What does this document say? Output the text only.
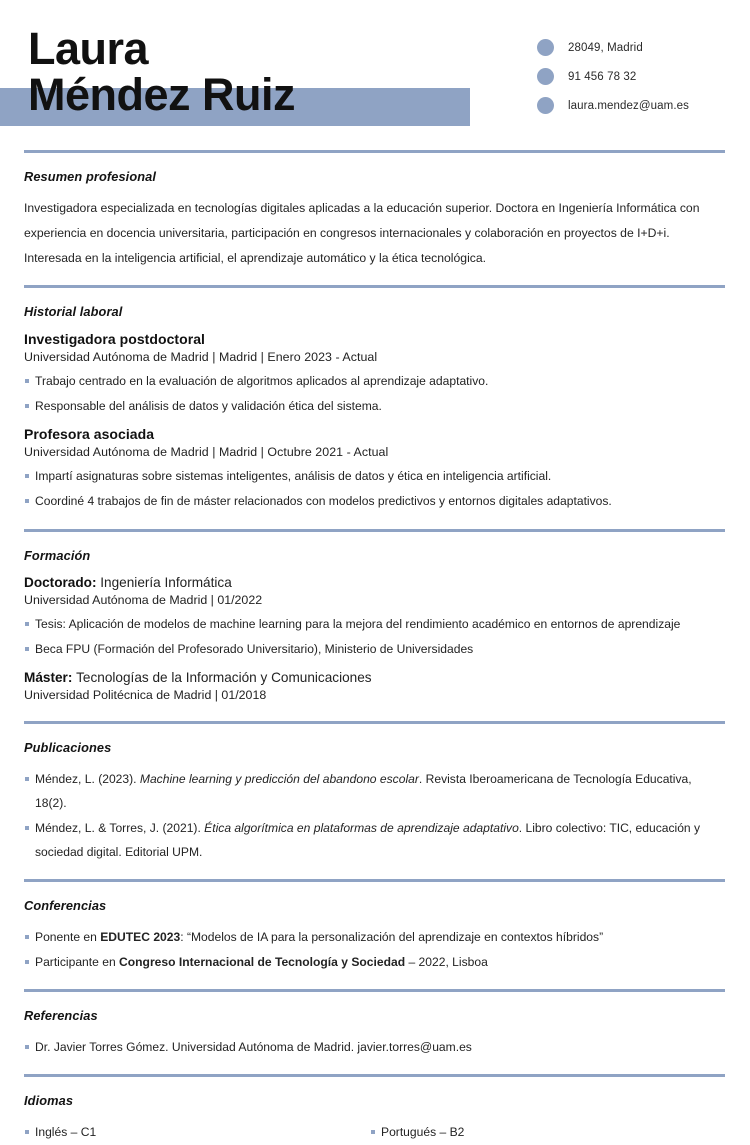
Laura
Méndez Ruiz
28049, Madrid
91 456 78 32
laura.mendez@uam.es
Resumen profesional

Investigadora especializada en tecnologías digitales aplicadas a la educación superior. Doctora en Ingeniería Informática con experiencia en docencia universitaria, participación en congresos internacionales y colaboración en proyectos de I+D+i. Interesada en la inteligencia artificial, el aprendizaje automático y la ética tecnológica.

Historial laboral
Investigadora postdoctoral
Universidad Autónoma de Madrid | Madrid | Enero 2023 - Actual
Trabajo centrado en la evaluación de algoritmos aplicados al aprendizaje adaptativo.
Responsable del análisis de datos y validación ética del sistema.
Profesora asociada
Universidad Autónoma de Madrid | Madrid | Octubre 2021 - Actual
Impartí asignaturas sobre sistemas inteligentes, análisis de datos y ética en inteligencia artificial.
Coordiné 4 trabajos de fin de máster relacionados con modelos predictivos y entornos digitales adaptativos.
Formación
Doctorado: Ingeniería Informática
Universidad Autónoma de Madrid | 01/2022
Tesis: Aplicación de modelos de machine learning para la mejora del rendimiento académico en entornos de aprendizaje
Beca FPU (Formación del Profesorado Universitario), Ministerio de Universidades
Máster: Tecnologías de la Información y Comunicaciones
Universidad Politécnica de Madrid | 01/2018
Publicaciones
Méndez, L. (2023). Machine learning y predicción del abandono escolar. Revista Iberoamericana de Tecnología Educativa, 18(2).
Méndez, L. & Torres, J. (2021). Ética algorítmica en plataformas de aprendizaje adaptativo. Libro colectivo: TIC, educación y sociedad digital. Editorial UPM.
Conferencias
Ponente en EDUTEC 2023: “Modelos de IA para la personalización del aprendizaje en contextos híbridos”
Participante en Congreso Internacional de Tecnología y Sociedad – 2022, Lisboa
Referencias
Dr. Javier Torres Gómez. Universidad Autónoma de Madrid. javier.torres@uam.es
Idiomas
Inglés – C1	Portugués – B2
